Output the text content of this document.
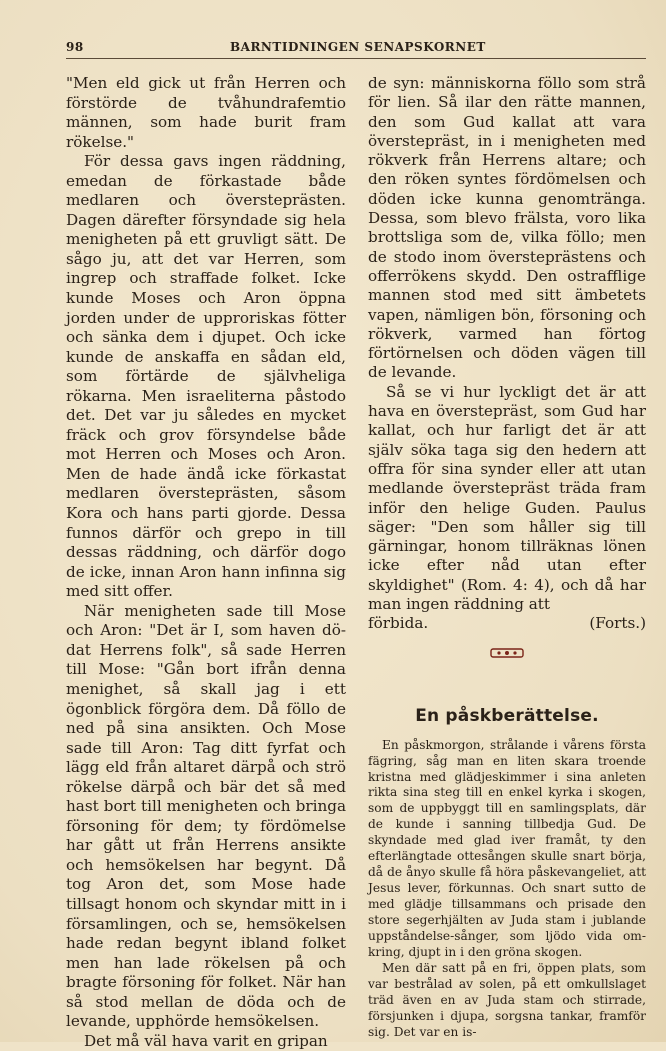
98	BARNTIDNINGEN SENAPSKORNET

"Men eld gick ut från Herren och förstörde de tvåhundrafemtio männen, som hade burit fram rökelse."

För dessa gavs ingen räddning, emedan de förkastade både medlaren och översteprästen. Dagen därefter försyndade sig hela menigheten på ett gruvligt sätt. De sågo ju, att det var Herren, som ingrep och straffade folket. Icke kunde Moses och Aron öppna jorden under de upproriskas fötter och sänka dem i djupet. Och icke kunde de anskaffa en sådan eld, som förtärde de självheliga rökarna. Men israeliterna påstodo det. Det var ju således en mycket fräck och grov försyndelse både mot Herren och Moses och Aron. Men de hade ändå icke förkastat medlaren översteprästen, såsom Kora och hans parti gjorde. Dessa funnos därför och grepo in till dessas räddning, och därför dogo de icke, innan Aron hann infinna sig med sitt offer.

När menigheten sade till Mose och Aron: "Det är I, som haven dödat Herrens folk", så sade Herren till Mose: "Gån bort ifrån denna menighet, så skall jag i ett ögonblick förgöra dem. Då föllo de ned på sina ansikten. Och Mose sade till Aron: Tag ditt fyrfat och lägg eld från altaret därpå och strö rökelse därpå och bär det så med hast bort till menigheten och bringa försoning för dem; ty fördömelse har gått ut från Herrens ansikte och hemsökelsen har begynt. Då tog Aron det, som Mose hade tillsagt honom och skyndar mitt in i församlingen, och se, hemsökelsen hade redan begynt ibland folket men han lade rökelsen på och bragte försoning för folket. När han så stod mellan de döda och de levande, upphörde hemsökelsen.

Det må väl hava varit en gripan

de syn: människorna föllo som strå för lien. Så ilar den rätte mannen, den som Gud kallat att vara överstepräst, in i menigheten med rökverk från Herrens altare; och den röken syntes fördömelsen och döden icke kunna genomtränga. Dessa, som blevo frälsta, voro lika brottsliga som de, vilka föllo; men de stodo inom översteprästens och offerrökens skydd. Den ostrafflige mannen stod med sitt ämbetets vapen, nämligen bön, försoning och rökverk, varmed han förtog förtörnelsen och döden vägen till de levande.

Så se vi hur lyckligt det är att hava en överstepräst, som Gud har kallat, och hur farligt det är att själv söka taga sig den hedern att offra för sina synder eller att utan medlande överstepräst träda fram inför den helige Guden. Paulus säger: "Den som håller sig till gärningar, honom tillräknas lönen icke efter nåd utan efter skyldighet" (Rom. 4: 4), och då har man ingen räddning att

förbida.	(Forts.)
En påskberättelse.

En påskmorgon, strålande i vårens första fägring, såg man en liten skara troende kristna med glädjeskimmer i sina anleten rikta sina steg till en enkel kyrka i skogen, som de uppbyggt till en samlingsplats, där de kunde i sanning tillbedja Gud. De skyndade med glad iver framåt, ty den efterlängtade ottesången skulle snart börja, då de ånyo skulle få höra påskevangeliet, att Jesus lever, förkunnas. Och snart sutto de med glädje tillsammans och prisade den store segerhjälten av Juda stam i jublande uppståndelse-sånger, som ljödo vida omkring, djupt in i den gröna skogen.

Men där satt på en fri, öppen plats, som var bestrålad av solen, på ett omkullslaget träd även en av Juda stam och stirrade, försjunken i djupa, sorgsna tankar, framför sig. Det var en is-
